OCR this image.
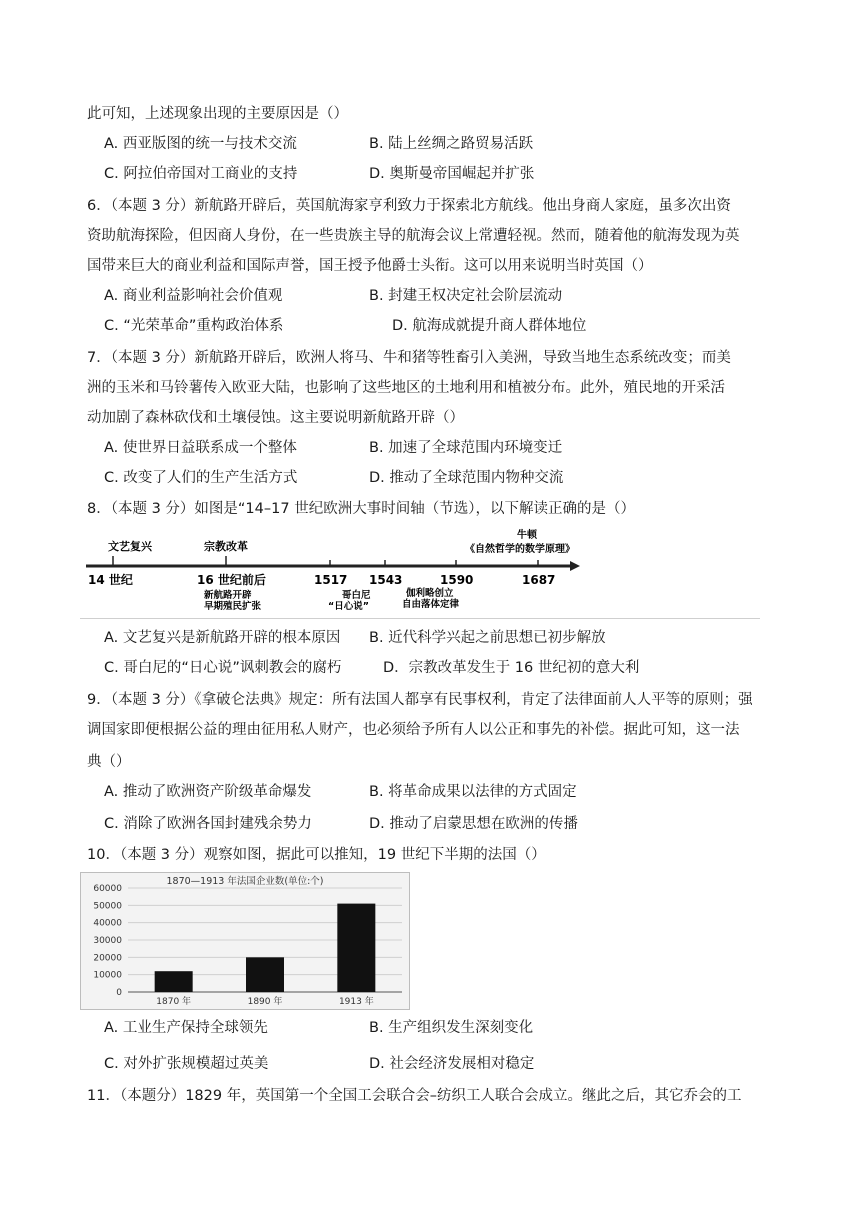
此可知，上述现象出现的主要原因是（）
A. 西亚版图的统一与技术交流	B. 陆上丝绸之路贸易活跃
C. 阿拉伯帝国对工商业的支持	D. 奥斯曼帝国崛起并扩张
6．（本题 3 分）新航路开辟后，英国航海家亨利致力于探索北方航线。他出身商人家庭，虽多次出资
资助航海探险，但因商人身份，在一些贵族主导的航海会议上常遭轻视。然而，随着他的航海发现为英
国带来巨大的商业利益和国际声誉，国王授予他爵士头衔。这可以用来说明当时英国（）
A. 商业利益影响社会价值观	B. 封建王权决定社会阶层流动
C. “光荣革命”重构政治体系	D. 航海成就提升商人群体地位
7．（本题 3 分）新航路开辟后，欧洲人将马、牛和猪等牲畜引入美洲，导致当地生态系统改变；而美
洲的玉米和马铃薯传入欧亚大陆，也影响了这些地区的土地利用和植被分布。此外，殖民地的开采活
动加剧了森林砍伐和土壤侵蚀。这主要说明新航路开辟（）
A. 使世界日益联系成一个整体	B. 加速了全球范围内环境变迁
C. 改变了人们的生产生活方式	D. 推动了全球范围内物种交流
8．（本题 3 分）如图是“14–17 世纪欧洲大事时间轴（节选），以下解读正确的是（）
文艺复兴	宗教改革
牛顿
《自然哲学的数学原理》
14 世纪	16 世纪前后	1517 1543	1590	1687
新航路开辟
早期殖民扩张
哥白尼
“日心说”
伽利略创立
自由落体定律
A. 文艺复兴是新航路开辟的根本原因 B. 近代科学兴起之前思想已初步解放
C. 哥白尼的“日心说”讽刺教会的腐朽	D．宗教改革发生于 16 世纪初的意大利
9．（本题 3 分）《拿破仑法典》规定：所有法国人都享有民事权利，肯定了法律面前人人平等的原则；强
调国家即便根据公益的理由征用私人财产，也必须给予所有人以公正和事先的补偿。据此可知，这一法
典（）
A. 推动了欧洲资产阶级革命爆发	B. 将革命成果以法律的方式固定
C. 消除了欧洲各国封建残余势力	D. 推动了启蒙思想在欧洲的传播
10．（本题 3 分）观察如图，据此可以推知，19 世纪下半期的法国（）
1870—1913 年法国企业数(单位:个)
0
10000
20000
30000
40000
50000
60000
1870 年	1890 年	1913 年
A. 工业生产保持全球领先	B. 生产组织发生深刻变化
C. 对外扩张规模超过英美	D. 社会经济发展相对稳定
11．（本题分）1829 年，英国第一个全国工会联合会–纺织工人联合会成立。继此之后，其它乔会的工
